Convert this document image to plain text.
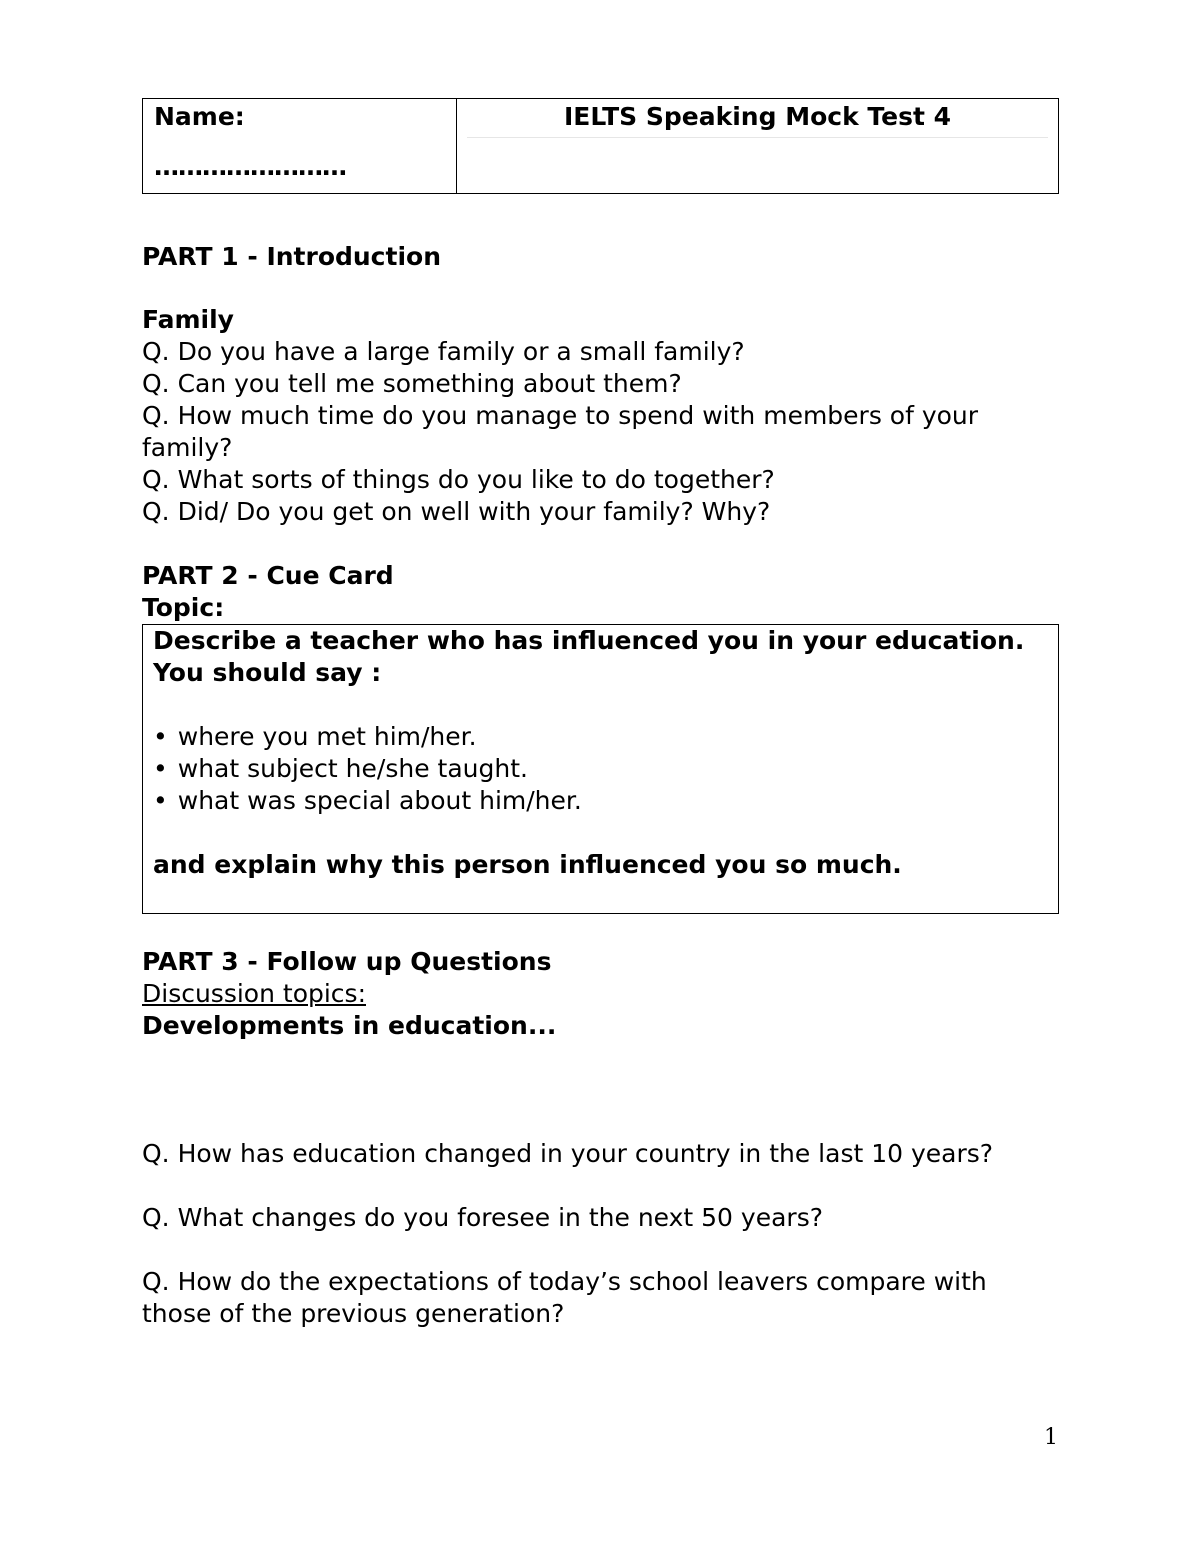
Name:
……………………
IELTS Speaking Mock Test 4
PART 1 - Introduction
Family
Q. Do you have a large family or a small family?
Q. Can you tell me something about them?
Q. How much time do you manage to spend with members of your family?
Q. What sorts of things do you like to do together?
Q. Did/ Do you get on well with your family? Why?
PART 2 - Cue Card
Topic:
Describe a teacher who has influenced you in your education.
You should say :
• where you met him/her.
• what subject he/she taught.
• what was special about him/her.
and explain why this person influenced you so much.
PART 3 - Follow up Questions
Discussion topics:
Developments in education...
Q. How has education changed in your country in the last 10 years?
Q. What changes do you foresee in the next 50 years?
Q. How do the expectations of today’s school leavers compare with those of the previous generation?
1
